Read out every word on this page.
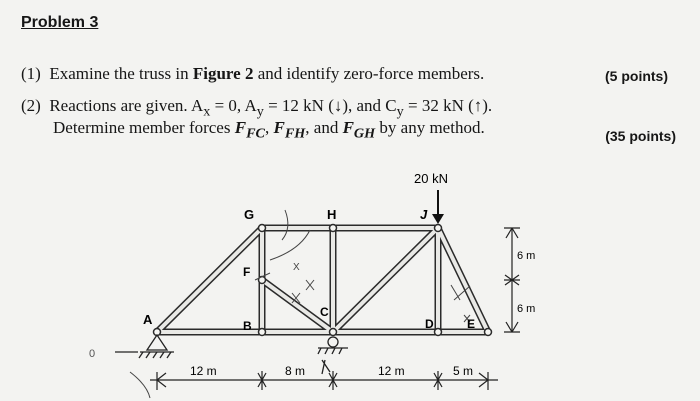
Problem 3
(1) Examine the truss in Figure 2 and identify zero-force members.	(5 points)
(2) Reactions are given. $A_x = 0$, $A_y = 12$ kN (↓), and $C_y = 32$ kN (↑).
Determine member forces $F_{FC}$, $F_{FH}$, and $F_{GH}$ by any method.	(35 points)
A	B
C
D	E
F
G	H	J
20 kN
12 m	8 m	12 m	5 m
6 m
6 m
0
X
